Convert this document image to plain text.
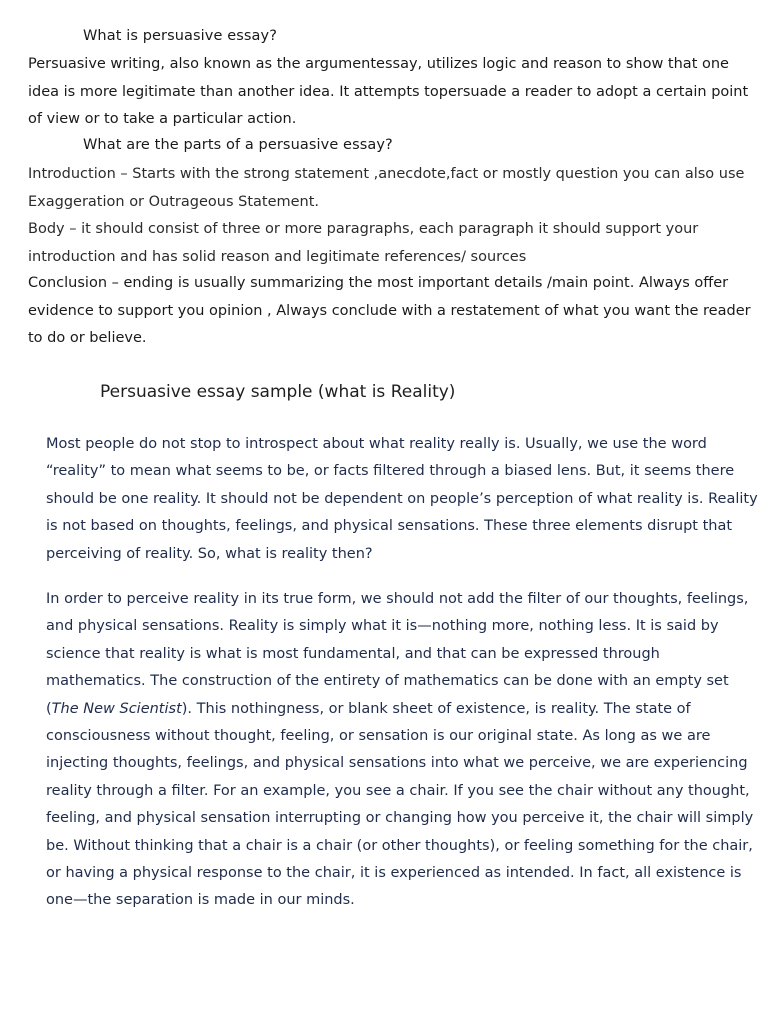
What is persuasive essay?

Persuasive writing, also known as the argumentessay, utilizes logic and reason to show that one idea is more legitimate than another idea. It attempts topersuade a reader to adopt a certain point of view or to take a particular action.

What are the parts of a persuasive essay?

Introduction – Starts with the strong statement ,anecdote,fact or mostly question you can also use Exaggeration or Outrageous Statement.

Body – it should consist of three or more paragraphs, each paragraph it should support your introduction and has solid reason and legitimate references/ sources

Conclusion – ending is usually summarizing the most important details /main point. Always offer evidence to support you opinion , Always conclude with a restatement of what you want the reader to do or believe.

Persuasive essay sample (what is Reality)

Most people do not stop to introspect about what reality really is. Usually, we use the word “reality” to mean what seems to be, or facts filtered through a biased lens. But, it seems there should be one reality. It should not be dependent on people’s perception of what reality is. Reality is not based on thoughts, feelings, and physical sensations. These three elements disrupt that perceiving of reality. So, what is reality then?

In order to perceive reality in its true form, we should not add the filter of our thoughts, feelings, and physical sensations. Reality is simply what it is—nothing more, nothing less. It is said by science that reality is what is most fundamental, and that can be expressed through mathematics. The construction of the entirety of mathematics can be done with an empty set (The New Scientist). This nothingness, or blank sheet of existence, is reality. The state of consciousness without thought, feeling, or sensation is our original state. As long as we are injecting thoughts, feelings, and physical sensations into what we perceive, we are experiencing reality through a filter. For an example, you see a chair. If you see the chair without any thought, feeling, and physical sensation interrupting or changing how you perceive it, the chair will simply be. Without thinking that a chair is a chair (or other thoughts), or feeling something for the chair, or having a physical response to the chair, it is experienced as intended. In fact, all existence is one—the separation is made in our minds.
